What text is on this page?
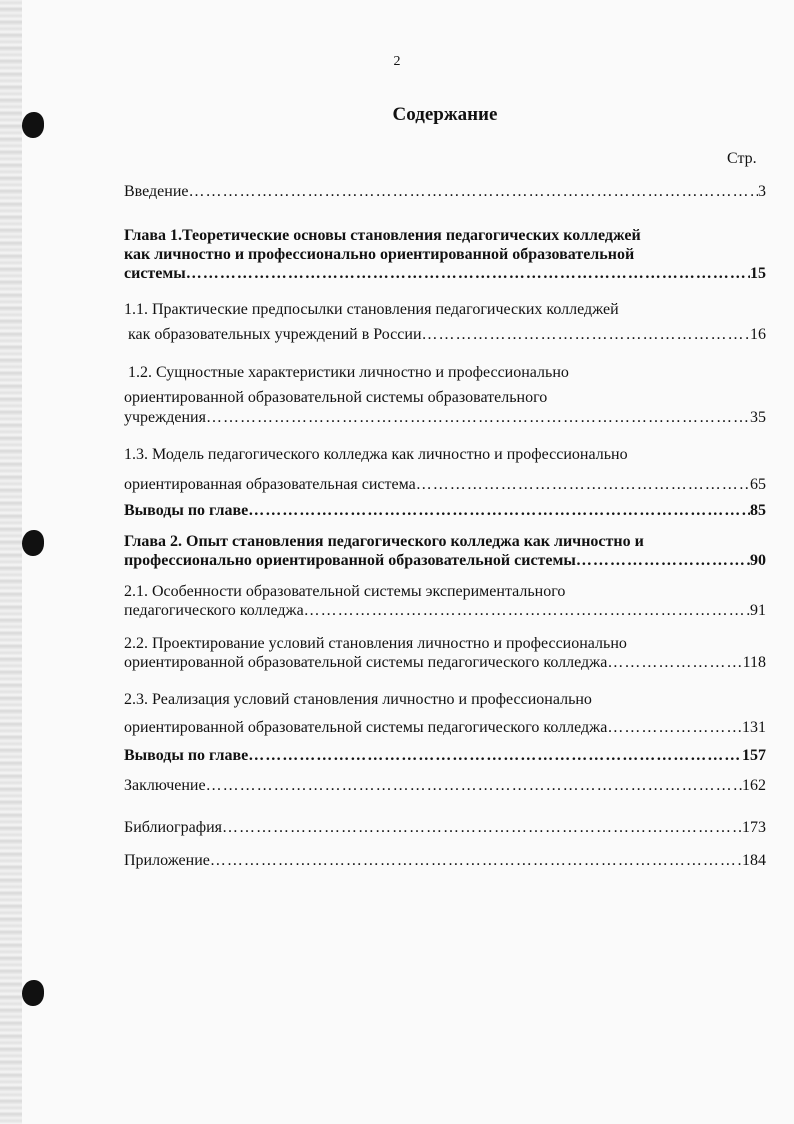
2
Содержание
Стр.
Введение …………………………………………………………………………………………………………………………	3
Глава 1.Теоретические основы становления педагогических колледжей
как личностно и профессионально ориентированной образовательной
системы …………………………………………………………………………………………………………………………	15
1.1. Практические предпосылки становления педагогических колледжей
как образовательных учреждений в России …………………………………………………………………………………………………………………………	16
1.2. Сущностные характеристики личностно и профессионально
ориентированной образовательной системы образовательного
учреждения …………………………………………………………………………………………………………………………	35
1.3. Модель педагогического колледжа как личностно и профессионально
ориентированная образовательная система …………………………………………………………………………………………………………………………	65
Выводы по главе …………………………………………………………………………………………………………………………	85
Глава 2. Опыт становления педагогического колледжа как личностно и
профессионально ориентированной образовательной системы …………………………………………………………………………………………………………………………	90
2.1. Особенности образовательной системы экспериментального
педагогического колледжа …………………………………………………………………………………………………………………………	91
2.2. Проектирование условий становления личностно и профессионально
ориентированной образовательной системы педагогического колледжа …………………………………………………………………………………………………………………………	118
2.3. Реализация условий становления личностно и профессионально
ориентированной образовательной системы педагогического колледжа …………………………………………………………………………………………………………………………	131
Выводы по главе …………………………………………………………………………………………………………………………	157
Заключение …………………………………………………………………………………………………………………………	162
Библиография …………………………………………………………………………………………………………………………	173
Приложение …………………………………………………………………………………………………………………………	184
